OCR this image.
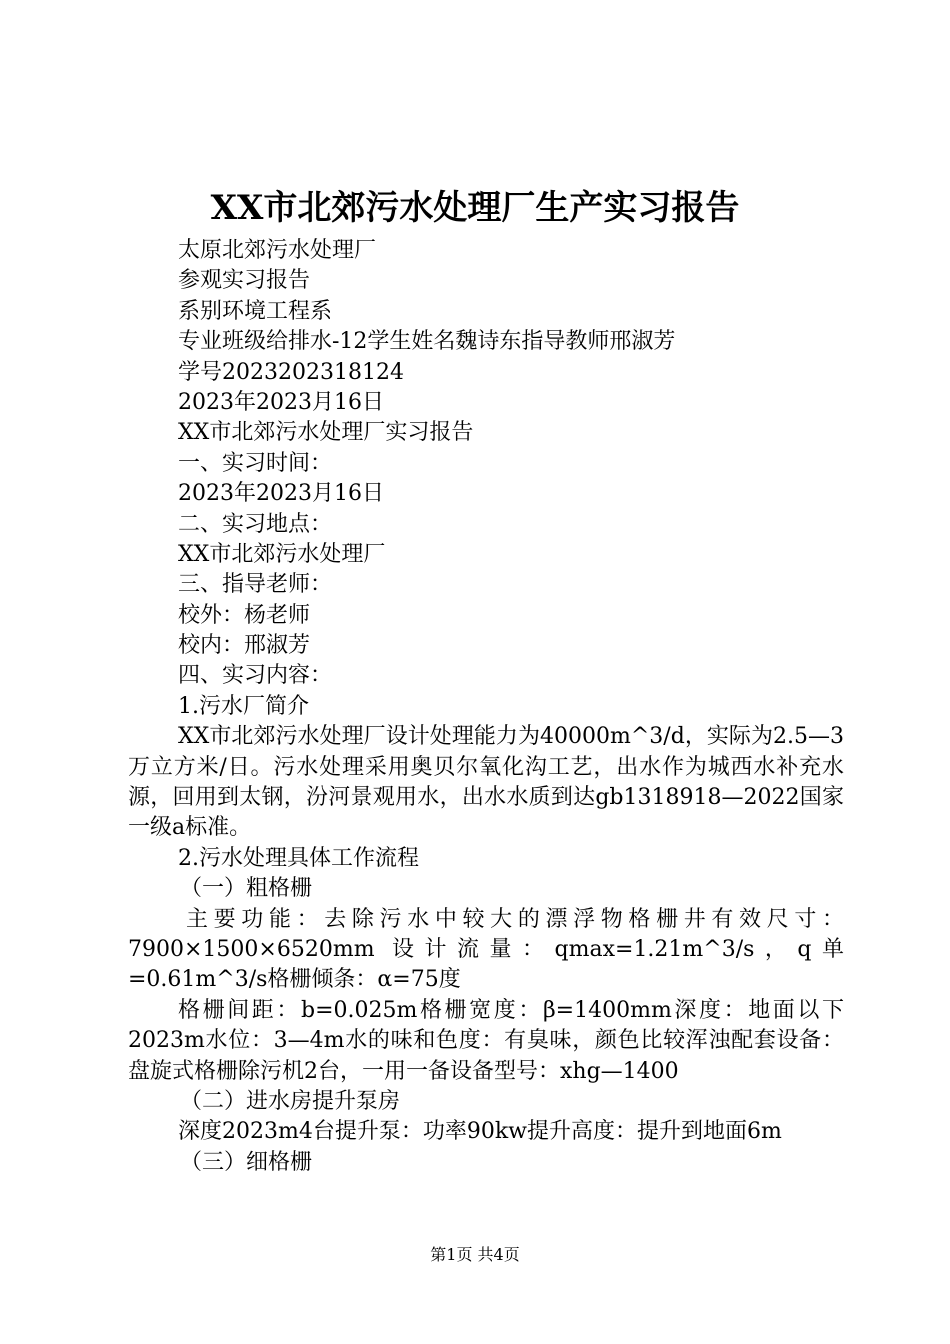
XX市北郊污水处理厂生产实习报告
太原北郊污水处理厂
参观实习报告
系别环境工程系
专业班级给排水-12学生姓名魏诗东指导教师邢淑芳
学号2023202318124
2023年2023月16日
XX市北郊污水处理厂实习报告
一、实习时间：
2023年2023月16日
二、实习地点：
XX市北郊污水处理厂
三、指导老师：
校外：杨老师
校内：邢淑芳
四、实习内容：
1.污水厂简介
XX市北郊污水处理厂设计处理能力为40000m^3/d，实际为2.5—3万立方米/日。污水处理采用奥贝尔氧化沟工艺，出水作为城西水补充水源，回用到太钢，汾河景观用水，出水水质到达gb1318918—2022国家一级a标准。
2.污水处理具体工作流程
（一）粗格栅
主要功能：去除污水中较大的漂浮物格栅井有效尺寸：7900×1500×6520mm 设计流量：qmax=1.21m^3/s，q单=0.61m^3/s格栅倾条：α=75度
格栅间距：b=0.025m格栅宽度：β=1400mm深度：地面以下2023m水位：3—4m水的味和色度：有臭味，颜色比较浑浊配套设备：盘旋式格栅除污机2台，一用一备设备型号：xhg—1400
（二）进水房提升泵房
深度2023m4台提升泵：功率90kw提升高度：提升到地面6m
（三）细格栅
第1页 共4页
